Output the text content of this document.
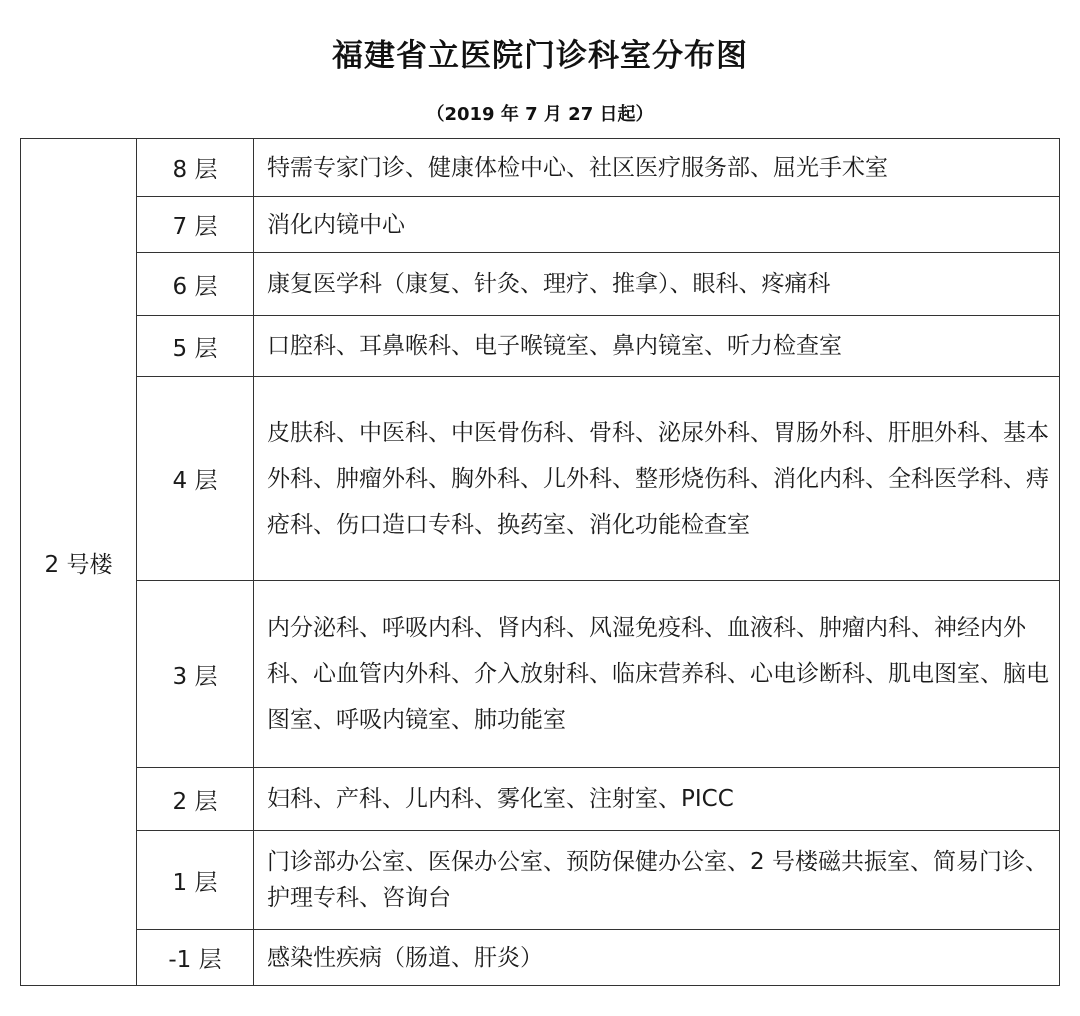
福建省立医院门诊科室分布图
（2019 年 7 月 27 日起）
2 号楼	8 层	特需专家门诊、健康体检中心、社区医疗服务部、屈光手术室
	7 层	消化内镜中心
	6 层	康复医学科（康复、针灸、理疗、推拿）、眼科、疼痛科
	5 层	口腔科、耳鼻喉科、电子喉镜室、鼻内镜室、听力检查室
	4 层	皮肤科、中医科、中医骨伤科、骨科、泌尿外科、胃肠外科、肝胆外科、基本外科、肿瘤外科、胸外科、儿外科、整形烧伤科、消化内科、全科医学科、痔疮科、伤口造口专科、换药室、消化功能检查室
	3 层	内分泌科、呼吸内科、肾内科、风湿免疫科、血液科、肿瘤内科、神经内外科、心血管内外科、介入放射科、临床营养科、心电诊断科、肌电图室、脑电图室、呼吸内镜室、肺功能室
	2 层	妇科、产科、儿内科、雾化室、注射室、PICC
	1 层	门诊部办公室、医保办公室、预防保健办公室、2 号楼磁共振室、简易门诊、护理专科、咨询台
	-1 层	感染性疾病（肠道、肝炎）
